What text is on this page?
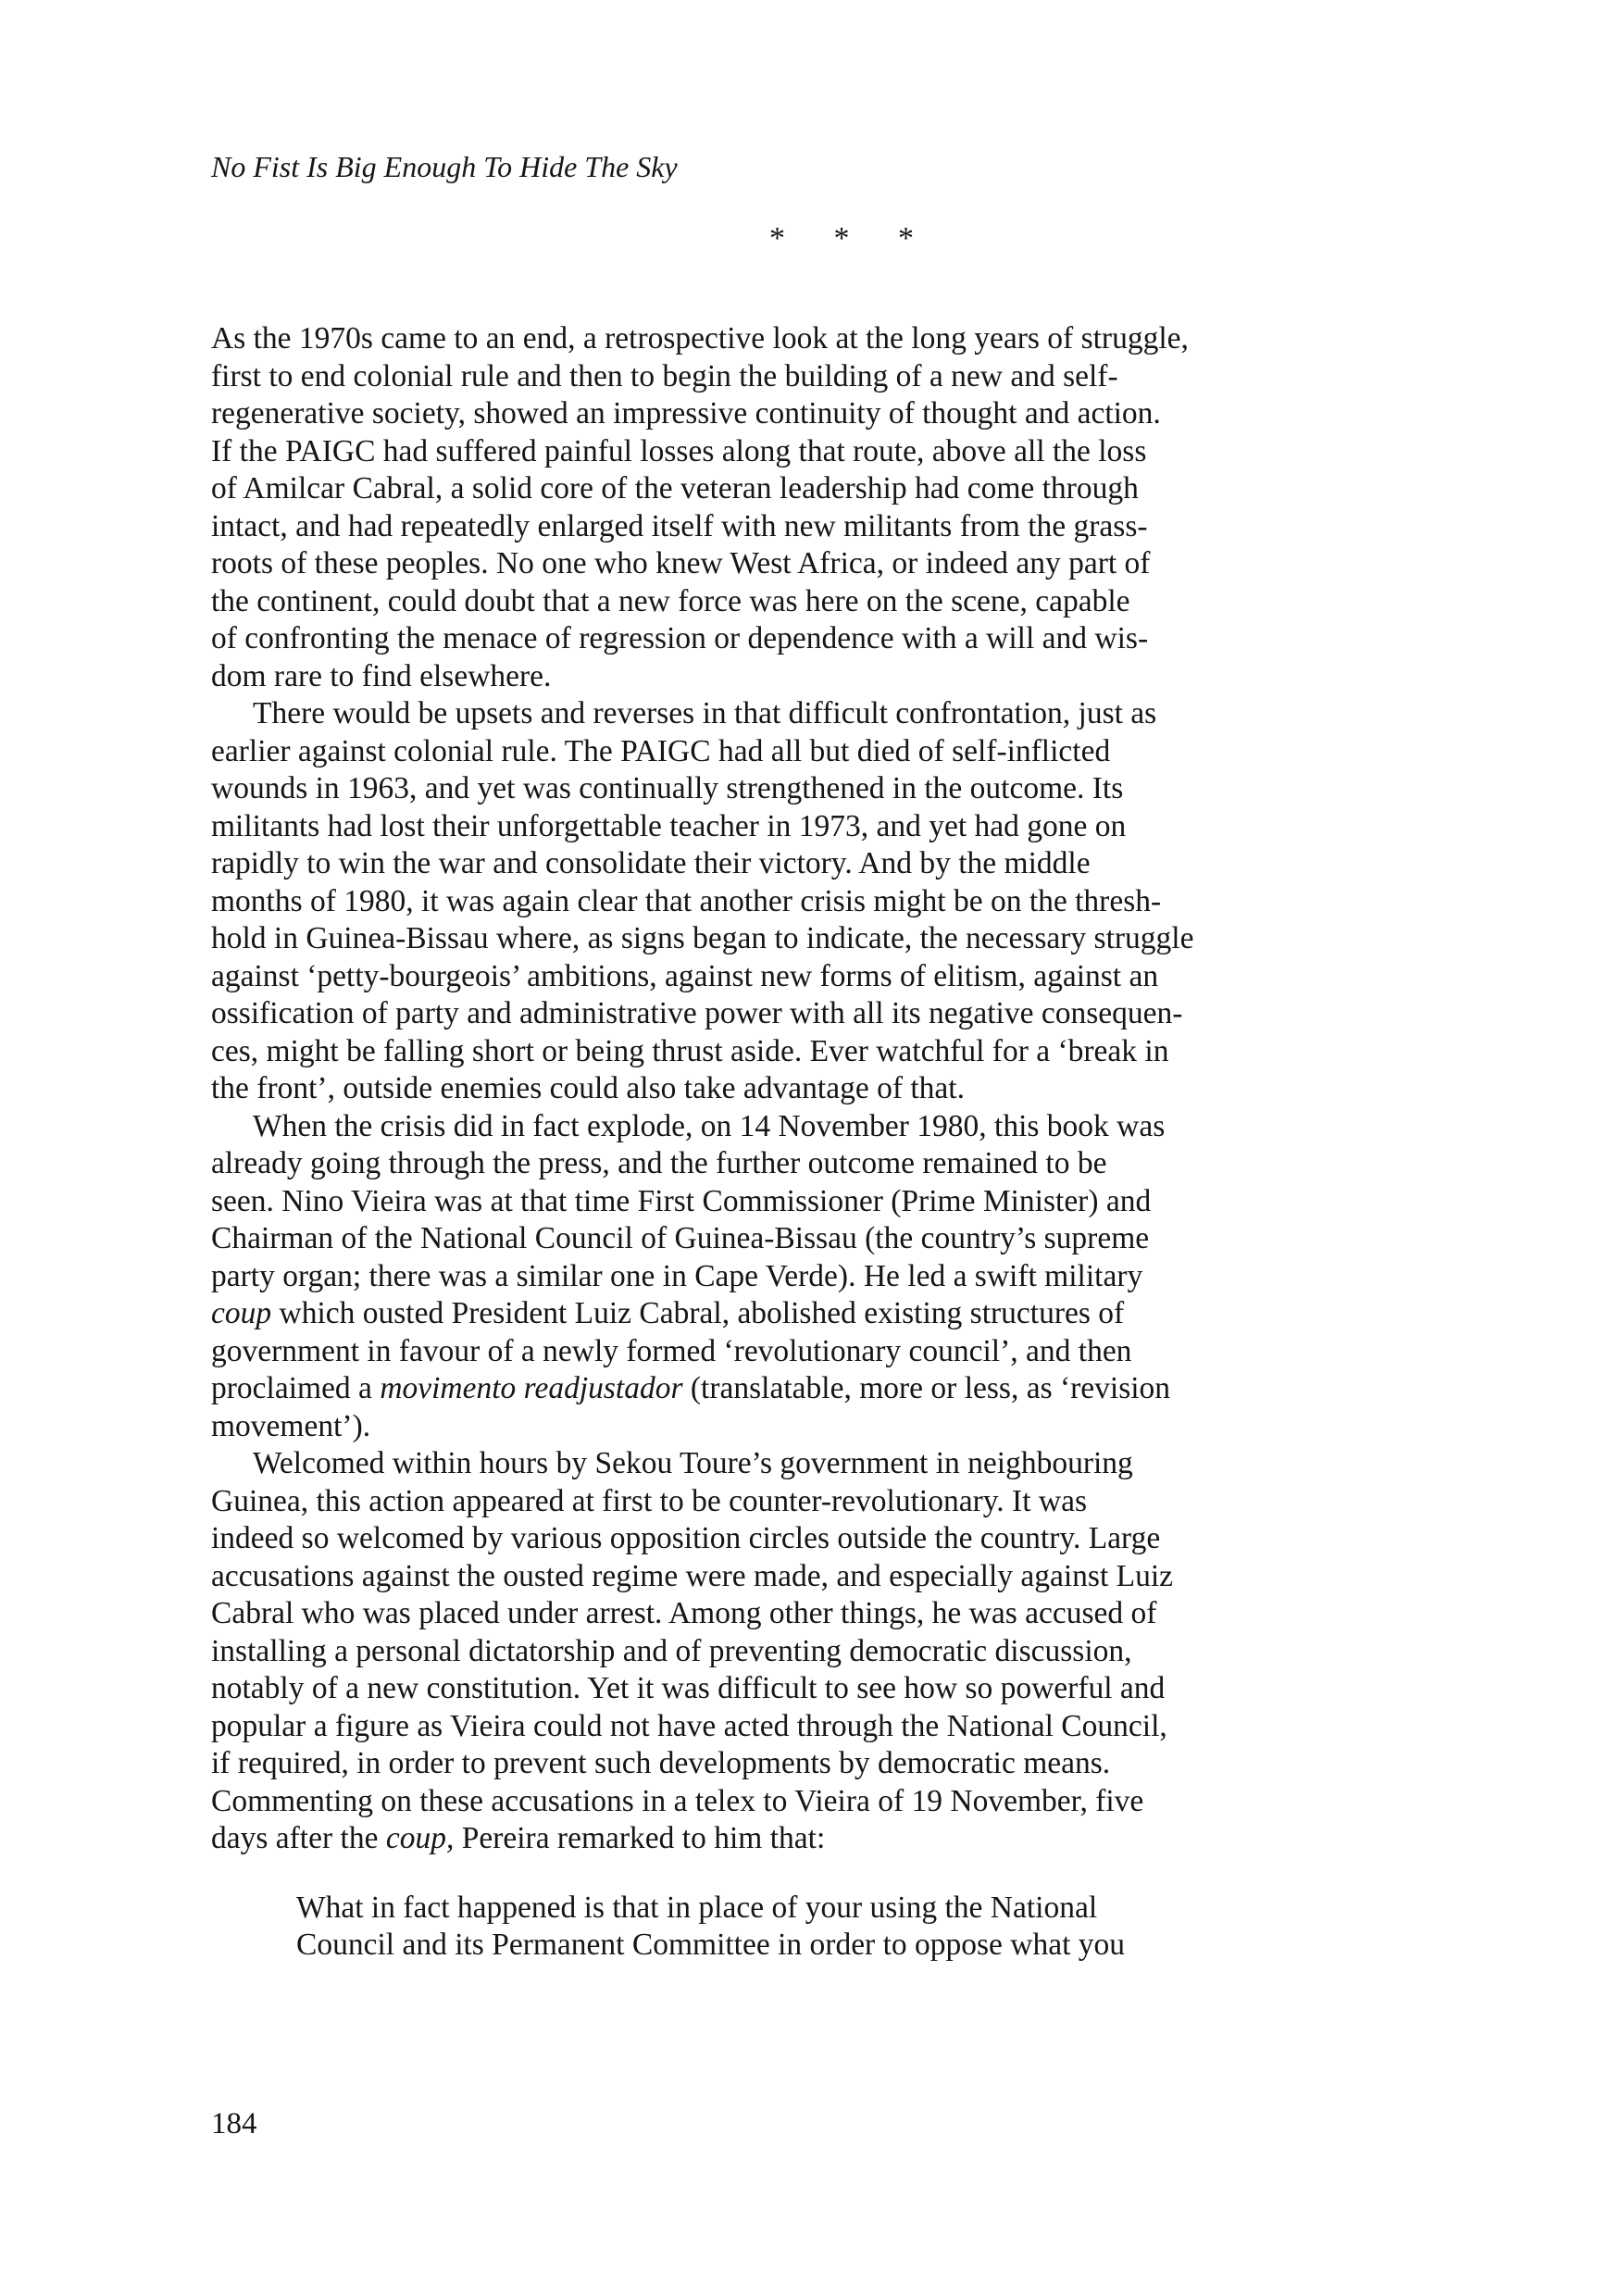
No Fist Is Big Enough To Hide The Sky
* * *

As the 1970s came to an end, a retrospective look at the long years of struggle,
first to end colonial rule and then to begin the building of a new and self-
regenerative society, showed an impressive continuity of thought and action.
If the PAIGC had suffered painful losses along that route, above all the loss
of Amilcar Cabral, a solid core of the veteran leadership had come through
intact, and had repeatedly enlarged itself with new militants from the grass-
roots of these peoples. No one who knew West Africa, or indeed any part of
the continent, could doubt that a new force was here on the scene, capable
of confronting the menace of regression or dependence with a will and wis-
dom rare to find elsewhere.

There would be upsets and reverses in that difficult confrontation, just as
earlier against colonial rule. The PAIGC had all but died of self-inflicted
wounds in 1963, and yet was continually strengthened in the outcome. Its
militants had lost their unforgettable teacher in 1973, and yet had gone on
rapidly to win the war and consolidate their victory. And by the middle
months of 1980, it was again clear that another crisis might be on the thresh-
hold in Guinea-Bissau where, as signs began to indicate, the necessary struggle
against ‘petty-bourgeois’ ambitions, against new forms of elitism, against an
ossification of party and administrative power with all its negative consequen-
ces, might be falling short or being thrust aside. Ever watchful for a ‘break in
the front’, outside enemies could also take advantage of that.

When the crisis did in fact explode, on 14 November 1980, this book was
already going through the press, and the further outcome remained to be
seen. Nino Vieira was at that time First Commissioner (Prime Minister) and
Chairman of the National Council of Guinea-Bissau (the country’s supreme
party organ; there was a similar one in Cape Verde). He led a swift military
coup which ousted President Luiz Cabral, abolished existing structures of
government in favour of a newly formed ‘revolutionary council’, and then
proclaimed a movimento readjustador (translatable, more or less, as ‘revision
movement’).

Welcomed within hours by Sekou Toure’s government in neighbouring
Guinea, this action appeared at first to be counter-revolutionary. It was
indeed so welcomed by various opposition circles outside the country. Large
accusations against the ousted regime were made, and especially against Luiz
Cabral who was placed under arrest. Among other things, he was accused of
installing a personal dictatorship and of preventing democratic discussion,
notably of a new constitution. Yet it was difficult to see how so powerful and
popular a figure as Vieira could not have acted through the National Council,
if required, in order to prevent such developments by democratic means.
Commenting on these accusations in a telex to Vieira of 19 November, five
days after the coup, Pereira remarked to him that:

What in fact happened is that in place of your using the National
Council and its Permanent Committee in order to oppose what you

184
